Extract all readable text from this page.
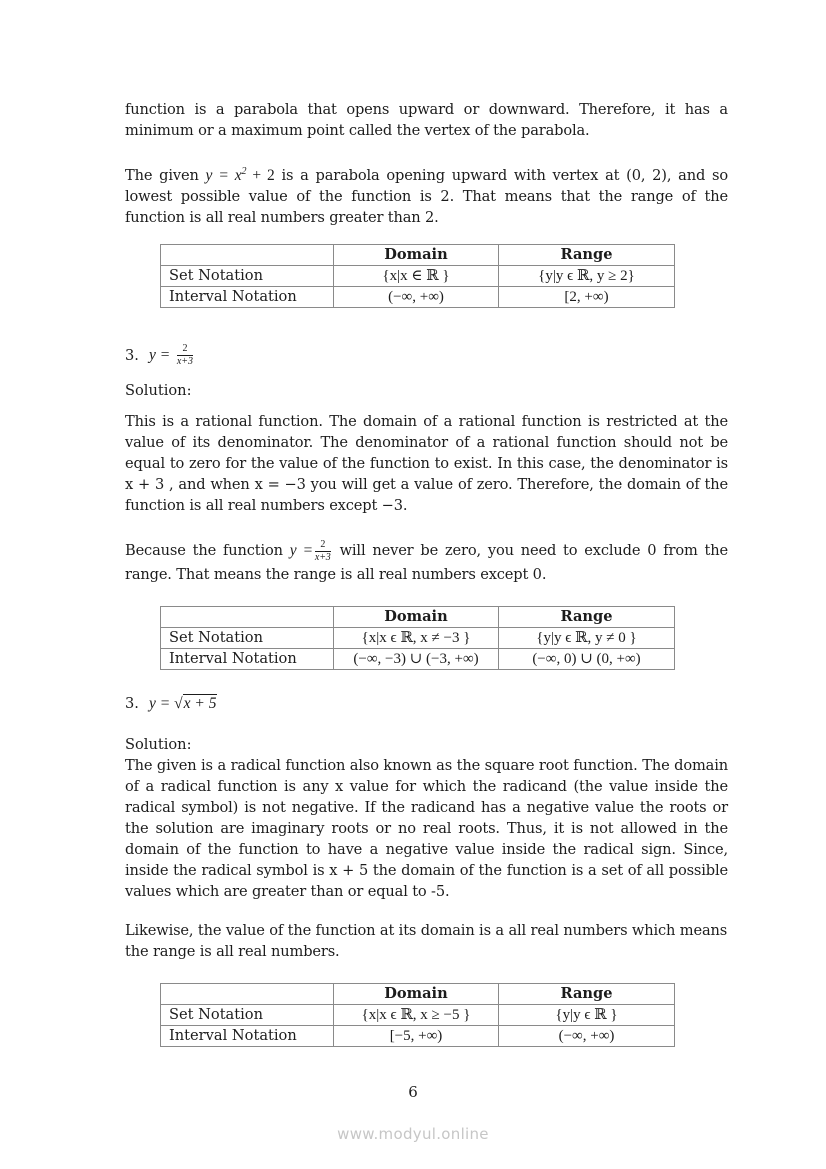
function is a parabola that opens upward or downward. Therefore, it has a minimum or a maximum point called the vertex of the parabola.

The given $y = x^2 + 2$ is a parabola opening upward with vertex at (0, 2), and so lowest possible value of the function is 2. That means that the range of the function is all real numbers greater than 2.

	Domain	Range
Set Notation	{x|x ∈ ℝ }	{y|y ϵ ℝ, y ≥ 2}
Interval Notation	(−∞, +∞)	[2, +∞)
3. $y = \frac{2}{x+3}$

Solution:

This is a rational function. The domain of a rational function is restricted at the value of its denominator. The denominator of a rational function should not be equal to zero for the value of the function to exist. In this case, the denominator is x + 3 , and when x = −3 you will get a value of zero. Therefore, the domain of the function is all real numbers except −3.

Because the function $y = \frac{2}{x+3}$ will never be zero, you need to exclude 0 from the range. That means the range is all real numbers except 0.

	Domain	Range
Set Notation	{x|x ϵ ℝ, x ≠ −3 }	{y|y ϵ ℝ, y ≠ 0 }
Interval Notation	(−∞, −3) ∪ (−3, +∞)	(−∞, 0) ∪ (0, +∞)
3. y = √x + 5

Solution:

The given is a radical function also known as the square root function. The domain of a radical function is any x value for which the radicand (the value inside the radical symbol) is not negative. If the radicand has a negative value the roots or the solution are imaginary roots or no real roots. Thus, it is not allowed in the domain of the function to have a negative value inside the radical sign. Since, inside the radical symbol is x + 5 the domain of the function is a set of all possible values which are greater than or equal to -5.

Likewise, the value of the function at its domain is a all real numbers which means the range is all real numbers.

	Domain	Range
Set Notation	{x|x ϵ ℝ, x ≥ −5 }	{y|y ϵ ℝ }
Interval Notation	[−5, +∞)	(−∞, +∞)
6
www.modyul.online
